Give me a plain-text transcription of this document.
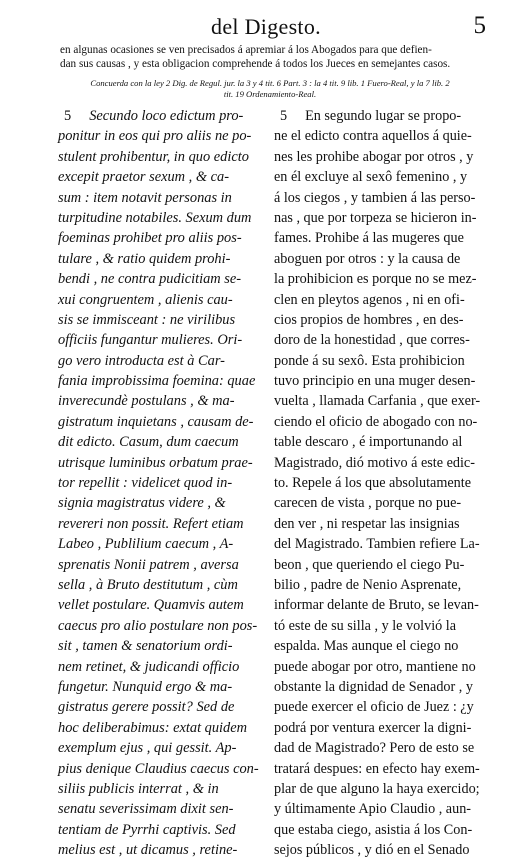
del Digesto.	5
en algunas ocasiones se ven precisados á apremiar á los Abogados para que defien-
dan sus causas , y esta obligacion comprehende á todos los Jueces en semejantes casos.
Concuerda con la ley 2 Dig. de Regul. jur. la 3 y 4 tit. 6 Part. 3 : la 4 tit. 9 lib. 1 Fuero-Real, y la 7 lib. 2
tit. 19 Ordenamiento-Real.
5 Secundo loco edictum pro-
ponitur in eos qui pro aliis ne po-
stulent prohibentur, in quo edicto
excepit praetor sexum , & ca-
sum : item notavit personas in
turpitudine notabiles. Sexum dum
foeminas prohibet pro aliis pos-
tulare , & ratio quidem prohi-
bendi , ne contra pudicitiam se-
xui congruentem , alienis cau-
sis se immisceant : ne virilibus
officiis fungantur mulieres. Ori-
go vero introducta est à Car-
fania improbissima foemina: quae
inverecundè postulans , & ma-
gistratum inquietans , causam de-
dit edicto. Casum, dum caecum
utrisque luminibus orbatum prae-
tor repellit : videlicet quod in-
signia magistratus videre , &
revereri non possit. Refert etiam
Labeo , Publilium caecum , A-
sprenatis Nonii patrem , aversa
sella , à Bruto destitutum , cùm
vellet postulare. Quamvis autem
caecus pro alio postulare non pos-
sit , tamen & senatorium ordi-
nem retinet, & judicandi officio
fungetur. Nunquid ergo & ma-
gistratus gerere possit? Sed de
hoc deliberabimus: extat quidem
exemplum ejus , qui gessit. Ap-
pius denique Claudius caecus con-
siliis publicis interrat , & in
senatu severissimam dixit sen-
tentiam de Pyrrhi captivis. Sed
melius est , ut dicamus , retine-
5 En segundo lugar se propo-
ne el edicto contra aquellos á quie-
nes les prohibe abogar por otros , y
en él excluye al sexô femenino , y
á los ciegos , y tambien á las perso-
nas , que por torpeza se hicieron in-
fames. Prohibe á las mugeres que
aboguen por otros : y la causa de
la prohibicion es porque no se mez-
clen en pleytos agenos , ni en ofi-
cios propios de hombres , en des-
doro de la honestidad , que corres-
ponde á su sexô. Esta prohibicion
tuvo principio en una muger desen-
vuelta , llamada Carfania , que exer-
ciendo el oficio de abogado con no-
table descaro , é importunando al
Magistrado, dió motivo á este edic-
to. Repele á los que absolutamente
carecen de vista , porque no pue-
den ver , ni respetar las insignias
del Magistrado. Tambien refiere La-
beon , que queriendo el ciego Pu-
bilio , padre de Nenio Asprenate,
informar delante de Bruto, se levan-
tó este de su silla , y le volvió la
espalda. Mas aunque el ciego no
puede abogar por otro, mantiene no
obstante la dignidad de Senador , y
puede exercer el oficio de Juez : ¿y
podrá por ventura exercer la digni-
dad de Magistrado? Pero de esto se
tratará despues: en efecto hay exem-
plar de que alguno la haya exercido;
y últimamente Apio Claudio , aun-
que estaba ciego, asistia á los Con-
sejos públicos , y dió en el Senado
